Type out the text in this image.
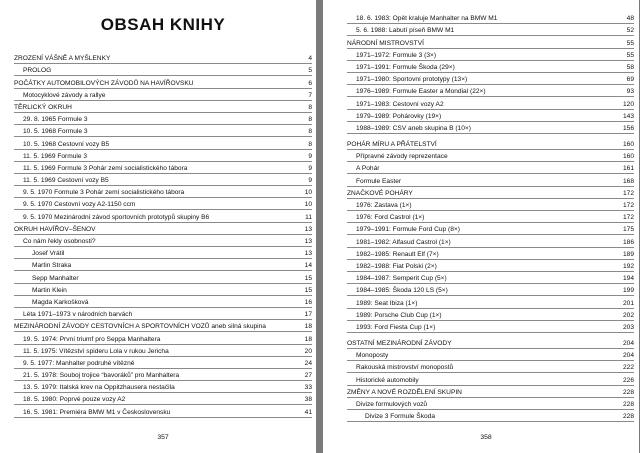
OBSAH KNIHY
ZROZENÍ VÁŠNĚ A MYŠLENKY	4
PROLOG	5
POČÁTKY AUTOMOBILOVÝCH ZÁVODŮ NA HAVÍŘOVSKU	6
Motocyklové závody a rallye	7
TĚRLICKÝ OKRUH	8
29. 8. 1965 Formule 3	8
10. 5. 1968 Formule 3	8
10. 5. 1968 Cestovní vozy B5	8
11. 5. 1969 Formule 3	9
11. 5. 1969 Formule 3 Pohár zemí socialistického tábora	9
11. 5. 1969 Cestovní vozy B5	9
9. 5. 1970 Formule 3 Pohár zemí socialistického tábora	10
9. 5. 1970 Cestovní vozy A2-1150 ccm	10
9. 5. 1970 Mezinárodní závod sportovních prototypů skupiny B6	11
OKRUH HAVÍŘOV–ŠENOV	13
Co nám řekly osobnosti?	13
Josef Vrátil	13
Martin Straka	14
Sepp Manhalter	15
Martin Klein	15
Magda Karkošková	16
Léta 1971–1973 v národních barvách	17
MEZINÁRODNÍ ZÁVODY CESTOVNÍCH A SPORTOVNÍCH VOZŮ aneb silná skupina	18
19. 5. 1974: První triumf pro Seppa Manhaltera	18
11. 5. 1975: Vítězství spideru Lola v rukou Jericha	20
9. 5. 1977: Manhalter podruhé vítězně	24
21. 5. 1978: Souboj trojice “bavoráků” pro Manhaltera	27
13. 5. 1979: Italská krev na Oppitzhausera nestačila	33
18. 5. 1980: Poprvé pouze vozy A2	38
16. 5. 1981: Premiéra BMW M1 v Československu	41
357
18. 6. 1983: Opět kraluje Manhalter na BMW M1	48
5. 6. 1988: Labutí píseň BMW M1	52
NÁRODNÍ MISTROVSTVÍ	55
1971–1972: Formule 3 (3×)	55
1971–1991: Formule Škoda (29×)	58
1971–1980: Sportovní prototypy (13×)	69
1976–1989: Formule Easter a Mondial (22×)	93
1971–1983: Cestovní vozy A2	120
1979–1989: Pohárovky (19×)	143
1988–1989: CSV aneb skupina B (10×)	156
POHÁR MÍRU A PŘÁTELSTVÍ	160
Přípravné závody reprezentace	160
A Pohár	161
Formule Easter	168
ZNAČKOVÉ POHÁRY	172
1976: Zastava (1×)	172
1976: Ford Castrol (1×)	172
1979–1991: Formule Ford Cup (8×)	175
1981–1982: Alfasud Castrol (1×)	186
1982–1985: Renault Elf (7×)	189
1982–1988: Fiat Polski (2×)	192
1984–1987: Semperit Cup (5×)	194
1984–1985: Škoda 120 LS (5×)	199
1989: Seat Ibiza (1×)	201
1989: Porsche Club Cup (1×)	202
1993: Ford Fiesta Cup (1×)	203
OSTATNÍ MEZINÁRODNÍ ZÁVODY	204
Monoposty	204
Rakouská mistrovství monopostů	222
Historické automobily	226
ZMĚNY A NOVÉ ROZDĚLENÍ SKUPIN	228
Divize formulových vozů	228
Divize 3 Formule Škoda	228
358
